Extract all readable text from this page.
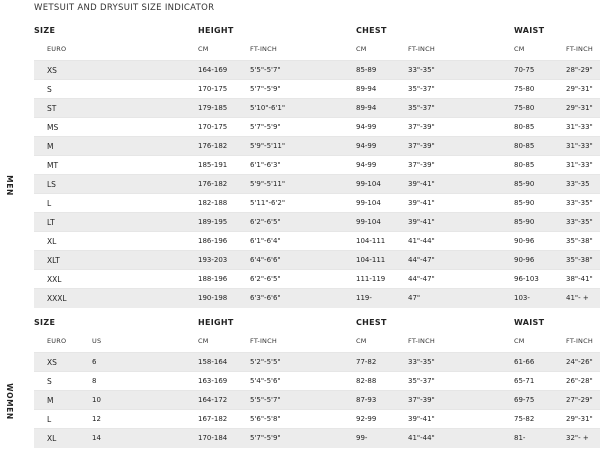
WETSUIT AND DRYSUIT SIZE INDICATOR
SIZE	HEIGHT	CHEST	WAIST
EURO	CM	FT-INCH	CM	FT-INCH	CM	FT-INCH
XS	164-169	5'5"-5'7"	85-89	33"-35"	70-75	28"-29"
S	170-175	5'7"-5'9"	89-94	35"-37"	75-80	29"-31"
ST	179-185	5'10"-6'1"	89-94	35"-37"	75-80	29"-31"
MS	170-175	5'7"-5'9"	94-99	37"-39"	80-85	31"-33"
M	176-182	5'9"-5'11"	94-99	37"-39"	80-85	31"-33"
MT	185-191	6'1"-6'3"	94-99	37"-39"	80-85	31"-33"
LS	176-182	5'9"-5'11"	99-104	39"-41"	85-90	33"-35
L	182-188	5'11"-6'2"	99-104	39"-41"	85-90	33"-35"
LT	189-195	6'2"-6'5"	99-104	39"-41"	85-90	33"-35"
XL	186-196	6'1"-6'4"	104-111	41"-44"	90-96	35"-38"
XLT	193-203	6'4"-6'6"	104-111	44"-47"	90-96	35"-38"
XXL	188-196	6'2"-6'5"	111-119	44"-47"	96-103	38"-41"
XXXL	190-198	6'3"-6'6"	119-	47"	103-	41"- +
MEN
SIZE	HEIGHT	CHEST	WAIST
EURO	US	CM	FT-INCH	CM	FT-INCH	CM	FT-INCH
XS	6	158-164	5'2"-5'5"	77-82	33"-35"	61-66	24"-26"
S	8	163-169	5'4"-5'6"	82-88	35"-37"	65-71	26"-28"
M	10	164-172	5'5"-5'7"	87-93	37"-39"	69-75	27"-29"
L	12	167-182	5'6"-5'8"	92-99	39"-41"	75-82	29"-31"
XL	14	170-184	5'7"-5'9"	99-	41"-44"	81-	32"- +
WOMEN
